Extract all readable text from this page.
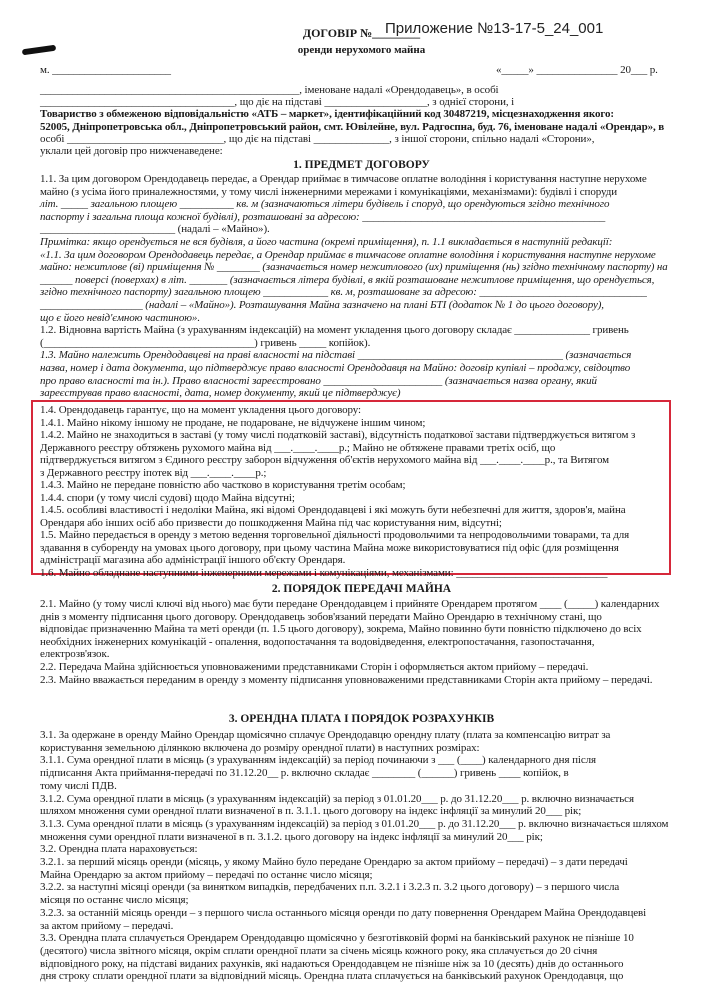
Приложение №13-17-5_24_001
ДОГОВІР №________
оренди нерухомого майна
м. ______________________	«_____» _______________ 20___ р.
________________________________________________, іменоване надалі «Орендодавець», в особі
____________________________________, що діє на підставі ___________________, з однієї сторони, і
Товариство з обмеженою відповідальністю «АТБ – маркет», ідентифікаційний код 30487219, місцезнаходження якого:
52005, Дніпропетровська обл., Дніпропетровський район, смт. Ювілейне, вул. Радгоспна, буд. 76, іменоване надалі «Орендар», в
особі _____________________________, що діє на підставі ______________, з іншої сторони, спільно надалі «Сторони»,
уклали цей договір про нижченаведене:
1. ПРЕДМЕТ ДОГОВОРУ
1.1. За цим договором Орендодавець передає, а Орендар приймає в тимчасове оплатне володіння і користування наступне нерухоме
майно (з усіма його приналежностями, у тому числі інженерними мережами і комунікаціями, механізмами): будівлі і споруди
літ. _____ загальною площею __________ кв. м (зазначаються літери будівель і споруд, що орендуються згідно технічного
паспорту і загальна площа кожної будівлі), розташовані за адресою: _____________________________________________
_________________________ (надалі – «Майно»).
Примітка: якщо орендується не вся будівля, а його частина (окремі приміщення), п. 1.1 викладається в наступній редакції:
«1.1. За цим договором Орендодавець передає, а Орендар приймає в тимчасове оплатне володіння і користування наступне нерухоме
майно: нежитлове (ві) приміщення № ________ (зазначається номер нежитлового (их) приміщення (нь) згідно технічному паспорту) на
______ поверсі (поверхах) в літ. _______ (зазначається літера будівлі, в якій розташоване нежитлове приміщення, що орендується,
згідно технічного паспорту) загальною площею ____________ кв. м, розташоване за адресою: _______________________________
___________________ (надалі – «Майно»). Розташування Майна зазначено на плані БТІ (додаток № 1 до цього договору),
що є його невід'ємною частиною».
1.2. Відновна вартість Майна (з урахуванням індексацій) на момент укладення цього договору складає ______________ гривень
(_______________________________________) гривень _____ копійок).
1.3. Майно належить Орендодавцеві на праві власності на підставі ______________________________________ (зазначається
назва, номер і дата документа, що підтверджує право власності Орендодавця на Майно: договір купівлі – продажу, свідоцтво
про право власності та ін.). Право власності зареєстровано ______________________ (зазначається назва органу, який
зареєстрував право власності, дата, номер документу, який це підтверджує)
1.4. Орендодавець гарантує, що на момент укладення цього договору:
1.4.1. Майно нікому іншому не продане, не подароване, не відчужене іншим чином;
1.4.2. Майно не знаходиться в заставі (у тому числі податковій заставі), відсутність податкової застави підтверджується витягом з
Державного реєстру обтяжень рухомого майна від ___.____.____р.; Майно не обтяжене правами третіх осіб, що
підтверджується витягом з Єдиного реєстру заборон відчуження об'єктів нерухомого майна від ___.____.____р., та Витягом
з Державного реєстру іпотек від ___.____.____р.;
1.4.3. Майно не передане повністю або частково в користування третім особам;
1.4.4. спори (у тому числі судові) щодо Майна відсутні;
1.4.5. особливі властивості і недоліки Майна, які відомі Орендодавцеві і які можуть бути небезпечні для життя, здоров'я, майна
Орендаря або інших осіб або призвести до пошкодження Майна під час користування ним, відсутні;
1.5. Майно передається в оренду з метою ведення торговельної діяльності продовольчими та непродовольчими товарами, та для
здавання в суборенду на умовах цього договору, при цьому частина Майна може використовуватися під офіс (для розміщення
адміністрації магазина або адміністрації іншого об'єкту Орендаря.
1.6. Майно обладнане наступними інженерними мережами і комунікаціями, механізмами: ____________________________
2. ПОРЯДОК ПЕРЕДАЧІ МАЙНА
2.1. Майно (у тому числі ключі від нього) має бути передане Орендодавцем і прийняте Орендарем протягом ____ (_____) календарних
днів з моменту підписання цього договору. Орендодавець зобов'язаний передати Майно Орендарю в технічному стані, що
відповідає призначенню Майна та меті оренди (п. 1.5 цього договору), зокрема, Майно повинно бути повністю підключено до всіх
необхідних інженерних комунікацій - опалення, водопостачання та водовідведення, електропостачання, газопостачання,
електрозв'язок.
2.2. Передача Майна здійснюється уповноваженими представниками Сторін і оформляється актом прийому – передачі.
2.3. Майно вважається переданим в оренду з моменту підписання уповноваженими представниками Сторін акта прийому – передачі.
3. ОРЕНДНА ПЛАТА І ПОРЯДОК РОЗРАХУНКІВ
3.1. За одержане в оренду Майно Орендар щомісячно сплачує Орендодавцю орендну плату (плата за компенсацію витрат за
користування земельною ділянкою включена до розміру орендної плати) в наступних розмірах:
3.1.1. Сума орендної плати в місяць (з урахуванням індексацій) за період починаючи з ___ (____) календарного дня після
підписання Акта приймання-передачі по 31.12.20__ р. включно складає ________ (______) гривень ____ копійок, в
тому числі ПДВ.
3.1.2. Сума орендної плати в місяць (з урахуванням індексацій) за період з 01.01.20___ р. до 31.12.20___ р. включно визначається
шляхом множення суми орендної плати визначеної в п. 3.1.1. цього договору на індекс інфляції за минулий 20___ рік;
3.1.3. Сума орендної плати в місяць (з урахуванням індексацій) за період з 01.01.20___ р. до 31.12.20___ р. включно визначається шляхом
множення суми орендної плати визначеної в п. 3.1.2. цього договору на індекс інфляції за минулий 20___ рік;
3.2. Орендна плата нараховується:
3.2.1. за перший місяць оренди (місяць, у якому Майно було передане Орендарю за актом прийому – передачі) – з дати передачі
Майна Орендарю за актом прийому – передачі по останнє число місяця;
3.2.2. за наступні місяці оренди (за винятком випадків, передбачених п.п. 3.2.1 і 3.2.3 п. 3.2 цього договору) – з першого числа
місяця по останнє число місяця;
3.2.3. за останній місяць оренди – з першого числа останнього місяця оренди по дату повернення Орендарем Майна Орендодавцеві
за актом прийому – передачі.
3.3. Орендна плата сплачується Орендарем Орендодавцю щомісячно у безготівковій формі на банківський рахунок не пізніше 10
(десятого) числа звітного місяця, окрім сплати орендної плати за січень місяць кожного року, яка сплачується до 20 січня
відповідного року, на підставі виданих рахунків, які надаються Орендодавцем не пізніше ніж за 10 (десять) днів до останнього
дня строку сплати орендної плати за відповідний місяць. Орендна плата сплачується на банківський рахунок Орендодавця, що
